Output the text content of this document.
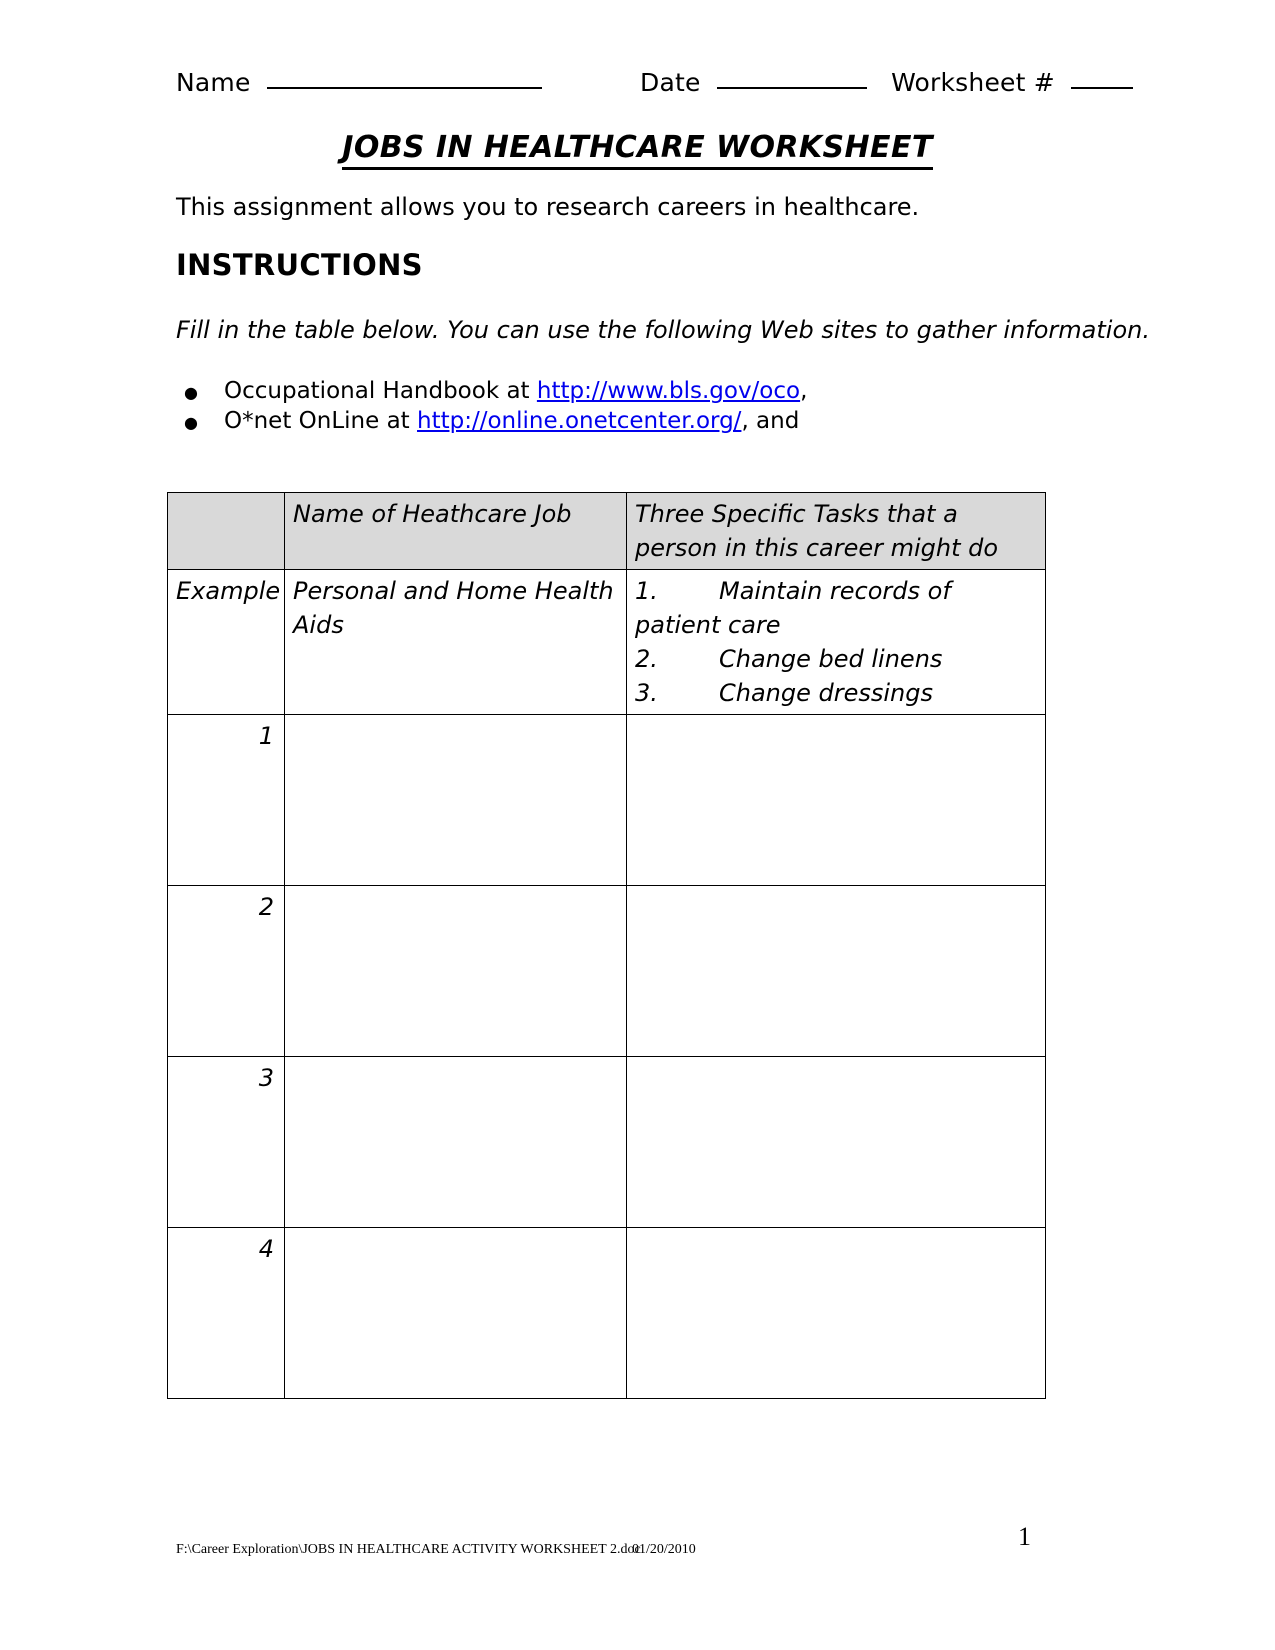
Name	Date	Worksheet #
JOBS IN HEALTHCARE WORKSHEET
This assignment allows you to research careers in healthcare.
INSTRUCTIONS
Fill in the table below. You can use the following Web sites to gather information.
●	Occupational Handbook at http://www.bls.gov/oco,
●	O*net OnLine at http://online.onetcenter.org/, and
	Name of Heathcare Job	Three Specific Tasks that a person in this career might do
Example	Personal and Home Health Aids	1. Maintain records of patient care
2. Change bed linens
3. Change dressings

1		
2		
3		
4		
F:\Career Exploration\JOBS IN HEALTHCARE ACTIVITY WORKSHEET 2.doc
01/20/2010	1
